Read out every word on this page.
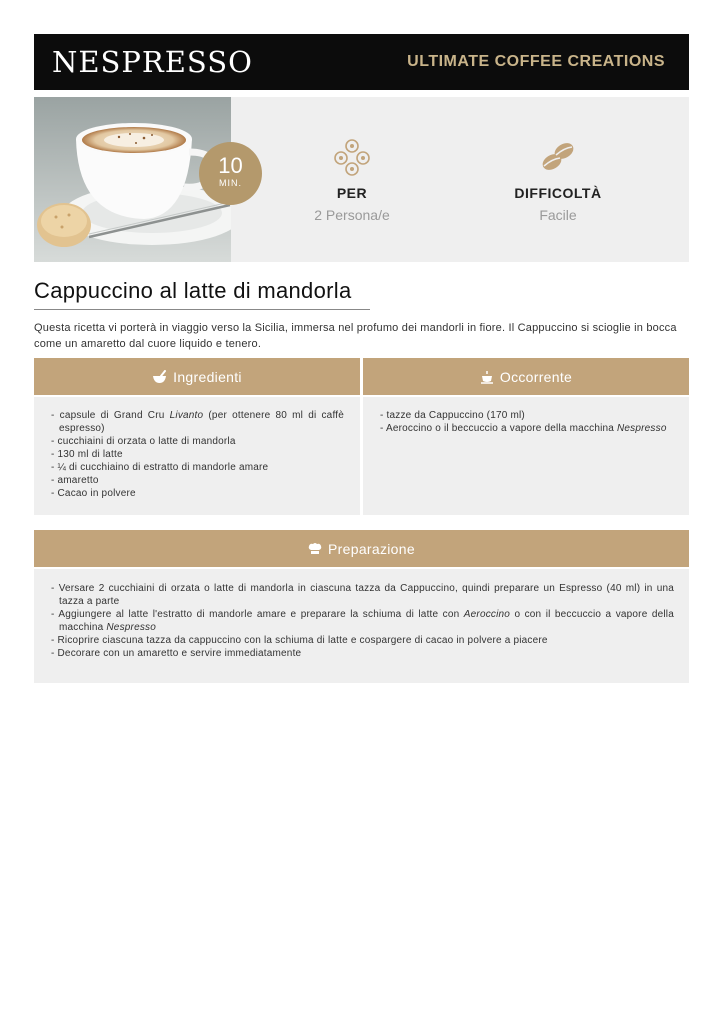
NESPRESSO	ULTIMATE COFFEE CREATIONS
10
MIN.
PER
2 Persona/e
DIFFICOLTÀ
Facile
Cappuccino al latte di mandorla

Questa ricetta vi porterà in viaggio verso la Sicilia, immersa nel profumo dei mandorli in fiore. Il Cappuccino si scioglie in bocca come un amaretto dal cuore liquido e tenero.

Ingredienti
- capsule di Grand Cru Livanto (per ottenere 80 ml di caffè espresso)
- cucchiaini di orzata o latte di mandorla
- 130 ml di latte
- ¼ di cucchiaino di estratto di mandorle amare
- amaretto
- Cacao in polvere
Occorrente
- tazze da Cappuccino (170 ml)
- Aeroccino o il beccuccio a vapore della macchina Nespresso
Preparazione
- Versare 2 cucchiaini di orzata o latte di mandorla in ciascuna tazza da Cappuccino, quindi preparare un Espresso (40 ml) in una tazza a parte
- Aggiungere al latte l'estratto di mandorle amare e preparare la schiuma di latte con Aeroccino o con il beccuccio a vapore della macchina Nespresso
- Ricoprire ciascuna tazza da cappuccino con la schiuma di latte e cospargere di cacao in polvere a piacere
- Decorare con un amaretto e servire immediatamente
